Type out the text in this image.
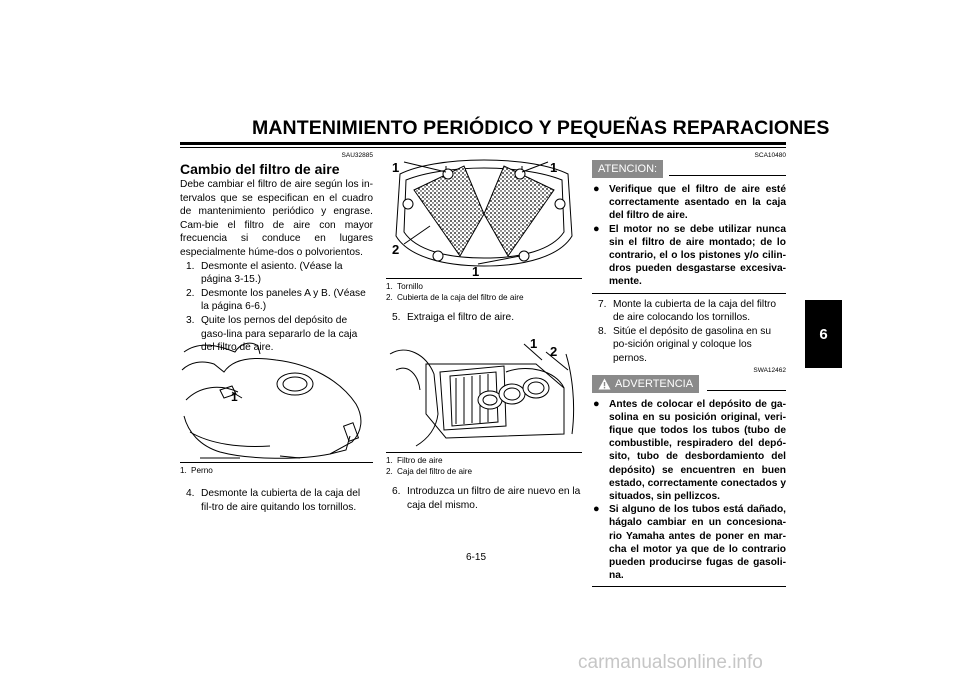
MANTENIMIENTO PERIÓDICO Y PEQUEÑAS REPARACIONES
6
SAU32885
Cambio del filtro de aire
Debe cambiar el filtro de aire según los in-tervalos que se especifican en el cuadro de mantenimiento periódico y engrase. Cam-bie el filtro de aire con mayor frecuencia si conduce en lugares especialmente húme-dos o polvorientos.
1. Desmonte el asiento. (Véase la página 3-15.)
2. Desmonte los paneles A y B. (Véase la página 6-6.)
3. Quite los pernos del depósito de gaso-lina para separarlo de la caja del filtro de aire.
1
1. Perno
4. Desmonte la cubierta de la caja del fil-tro de aire quitando los tornillos.
1	1
2
1
1. Tornillo
2. Cubierta de la caja del filtro de aire
5. Extraiga el filtro de aire.
1
2
1. Filtro de aire
2. Caja del filtro de aire
6. Introduzca un filtro de aire nuevo en la caja del mismo.
SCA10480
ATENCION:
● Verifique que el filtro de aire esté correctamente asentado en la caja del filtro de aire.
● El motor no se debe utilizar nunca sin el filtro de aire montado; de lo contrario, el o los pistones y/o cilin-dros pueden desgastarse excesiva-mente.
7. Monte la cubierta de la caja del filtro de aire colocando los tornillos.
8. Sitúe el depósito de gasolina en su po-sición original y coloque los pernos.
SWA12462
ADVERTENCIA
● Antes de colocar el depósito de ga-solina en su posición original, veri-fique que todos los tubos (tubo de combustible, respiradero del depó-sito, tubo de desbordamiento del depósito) se encuentren en buen estado, correctamente conectados y situados, sin pellizcos.
● Si alguno de los tubos está dañado, hágalo cambiar en un concesiona-rio Yamaha antes de poner en mar-cha el motor ya que de lo contrario pueden producirse fugas de gasoli-na.
6-15
carmanualsonline.info
